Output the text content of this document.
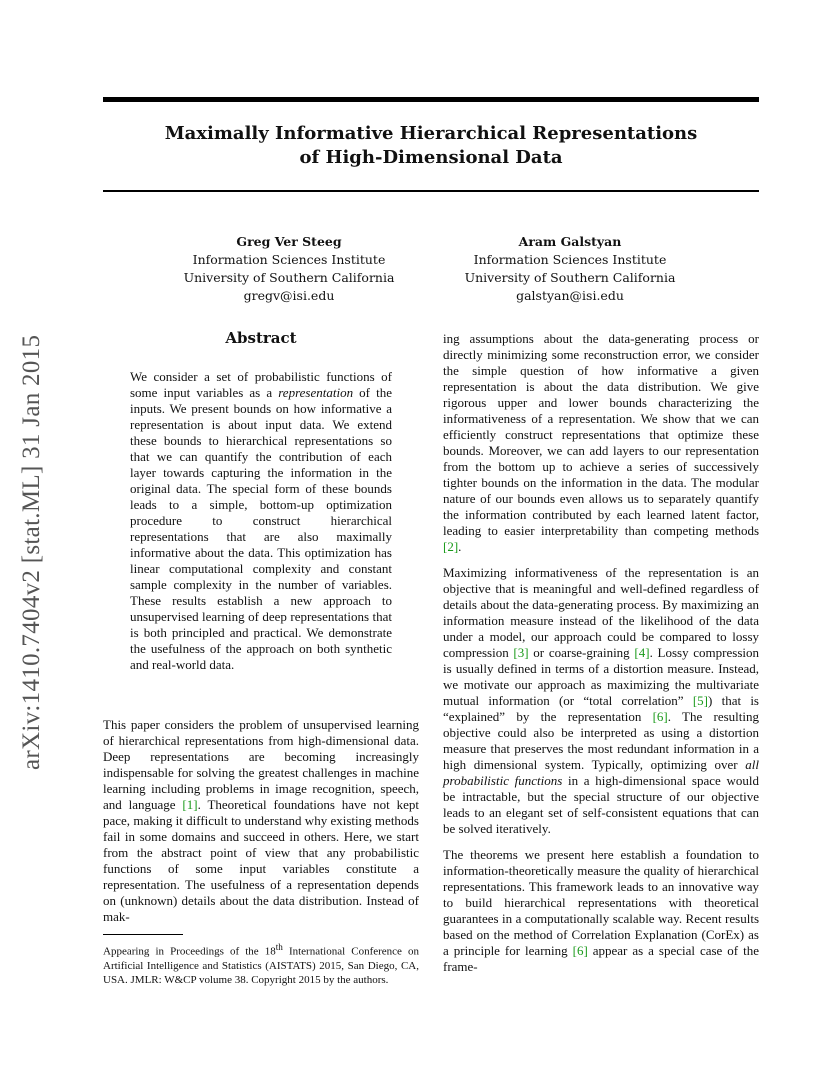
arXiv:1410.7404v2 [stat.ML] 31 Jan 2015
Maximally Informative Hierarchical Representations
of High-Dimensional Data
Greg Ver Steeg
Information Sciences Institute
University of Southern California
gregv@isi.edu
Aram Galstyan
Information Sciences Institute
University of Southern California
galstyan@isi.edu
Abstract

We consider a set of probabilistic functions of some input variables as a representation of the inputs. We present bounds on how informative a representation is about input data. We extend these bounds to hierarchical representations so that we can quantify the contribution of each layer towards capturing the information in the original data. The special form of these bounds leads to a simple, bottom-up optimization procedure to construct hierarchical representations that are also maximally informative about the data. This optimization has linear computational complexity and constant sample complexity in the number of variables. These results establish a new approach to unsupervised learning of deep representations that is both principled and practical. We demonstrate the usefulness of the approach on both synthetic and real-world data.

This paper considers the problem of unsupervised learning of hierarchical representations from high-dimensional data. Deep representations are becoming increasingly indispensable for solving the greatest challenges in machine learning including problems in image recognition, speech, and language [1]. Theoretical foundations have not kept pace, making it difficult to understand why existing methods fail in some domains and succeed in others. Here, we start from the abstract point of view that any probabilistic functions of some input variables constitute a representation. The usefulness of a representation depends on (unknown) details about the data distribution. Instead of mak-

Appearing in Proceedings of the 18th International Conference on Artificial Intelligence and Statistics (AISTATS) 2015, San Diego, CA, USA. JMLR: W&CP volume 38. Copyright 2015 by the authors.

ing assumptions about the data-generating process or directly minimizing some reconstruction error, we consider the simple question of how informative a given representation is about the data distribution. We give rigorous upper and lower bounds characterizing the informativeness of a representation. We show that we can efficiently construct representations that optimize these bounds. Moreover, we can add layers to our representation from the bottom up to achieve a series of successively tighter bounds on the information in the data. The modular nature of our bounds even allows us to separately quantify the information contributed by each learned latent factor, leading to easier interpretability than competing methods [2].

Maximizing informativeness of the representation is an objective that is meaningful and well-defined regardless of details about the data-generating process. By maximizing an information measure instead of the likelihood of the data under a model, our approach could be compared to lossy compression [3] or coarse-graining [4]. Lossy compression is usually defined in terms of a distortion measure. Instead, we motivate our approach as maximizing the multivariate mutual information (or “total correlation” [5]) that is “explained” by the representation [6]. The resulting objective could also be interpreted as using a distortion measure that preserves the most redundant information in a high dimensional system. Typically, optimizing over all probabilistic functions in a high-dimensional space would be intractable, but the special structure of our objective leads to an elegant set of self-consistent equations that can be solved iteratively.

The theorems we present here establish a foundation to information-theoretically measure the quality of hierarchical representations. This framework leads to an innovative way to build hierarchical representations with theoretical guarantees in a computationally scalable way. Recent results based on the method of Correlation Explanation (CorEx) as a principle for learning [6] appear as a special case of the frame-
